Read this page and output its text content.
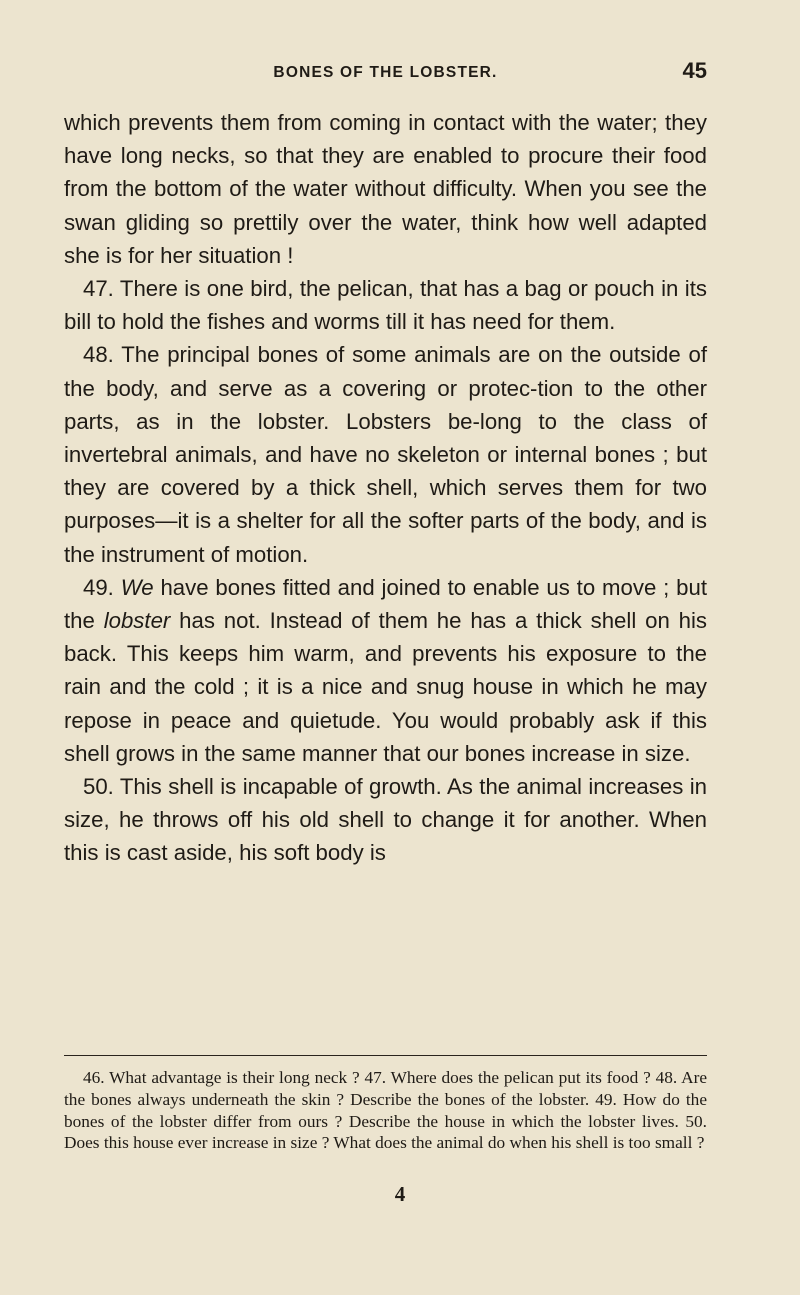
BONES OF THE LOBSTER.	45

which prevents them from coming in contact with the water; they have long necks, so that they are enabled to procure their food from the bottom of the water without difficulty. When you see the swan gliding so prettily over the water, think how well adapted she is for her situation !

47. There is one bird, the pelican, that has a bag or pouch in its bill to hold the fishes and worms till it has need for them.

48. The principal bones of some animals are on the outside of the body, and serve as a covering or protec-tion to the other parts, as in the lobster. Lobsters be-long to the class of invertebral animals, and have no skeleton or internal bones ; but they are covered by a thick shell, which serves them for two purposes—it is a shelter for all the softer parts of the body, and is the instrument of motion.

49. We have bones fitted and joined to enable us to move ; but the lobster has not. Instead of them he has a thick shell on his back. This keeps him warm, and prevents his exposure to the rain and the cold ; it is a nice and snug house in which he may repose in peace and quietude. You would probably ask if this shell grows in the same manner that our bones increase in size.

50. This shell is incapable of growth. As the animal increases in size, he throws off his old shell to change it for another. When this is cast aside, his soft body is

46. What advantage is their long neck ? 47. Where does the pelican put its food ? 48. Are the bones always underneath the skin ? Describe the bones of the lobster. 49. How do the bones of the lobster differ from ours ? Describe the house in which the lobster lives. 50. Does this house ever increase in size ? What does the animal do when his shell is too small ?
4
